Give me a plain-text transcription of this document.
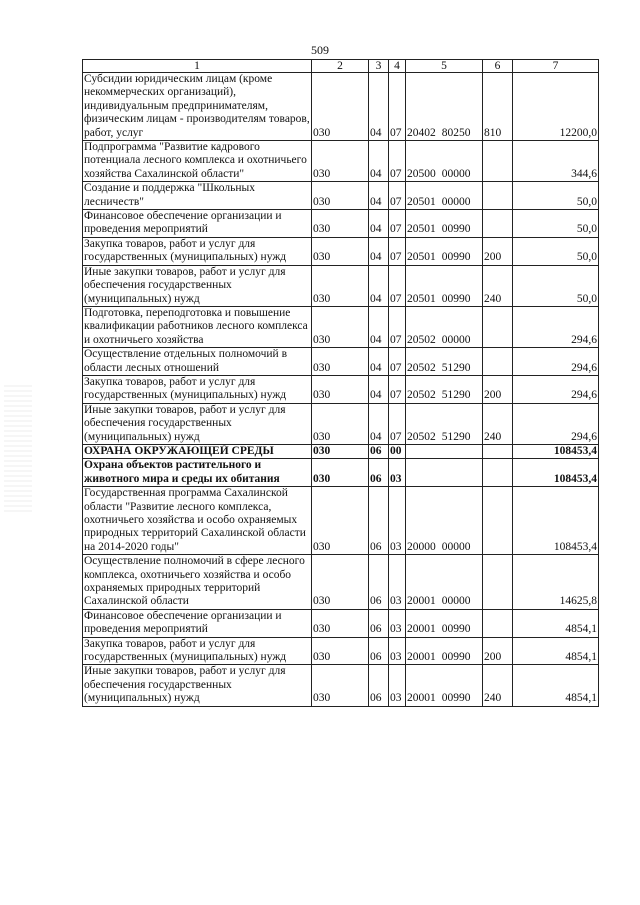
509
1	2	3	4	5	6	7
Субсидии юридическим лицам (кроме некоммерческих организаций), индивидуальным предпринимателям, физическим лицам - производителям товаров, работ, услуг	030	04	07	20402 80250	810	12200,0
Подпрограмма "Развитие кадрового потенциала лесного комплекса и охотничьего хозяйства Сахалинской области"	030	04	07	20500 00000		344,6
Создание и поддержка "Школьных лесничеств"	030	04	07	20501 00000		50,0
Финансовое обеспечение организации и проведения мероприятий	030	04	07	20501 00990		50,0
Закупка товаров, работ и услуг для государственных (муниципальных) нужд	030	04	07	20501 00990	200	50,0
Иные закупки товаров, работ и услуг для обеспечения государственных (муниципальных) нужд	030	04	07	20501 00990	240	50,0
Подготовка, переподготовка и повышение квалификации работников лесного комплекса и охотничьего хозяйства	030	04	07	20502 00000		294,6
Осуществление отдельных полномочий в области лесных отношений	030	04	07	20502 51290		294,6
Закупка товаров, работ и услуг для государственных (муниципальных) нужд	030	04	07	20502 51290	200	294,6
Иные закупки товаров, работ и услуг для обеспечения государственных (муниципальных) нужд	030	04	07	20502 51290	240	294,6
ОХРАНА ОКРУЖАЮЩЕЙ СРЕДЫ	030	06	00			108453,4
Охрана объектов растительного и животного мира и среды их обитания	030	06	03			108453,4
Государственная программа Сахалинской области "Развитие лесного комплекса, охотничьего хозяйства и особо охраняемых природных территорий Сахалинской области на 2014-2020 годы"	030	06	03	20000 00000		108453,4
Осуществление полномочий в сфере лесного комплекса, охотничьего хозяйства и особо охраняемых природных территорий Сахалинской области	030	06	03	20001 00000		14625,8
Финансовое обеспечение организации и проведения мероприятий	030	06	03	20001 00990		4854,1
Закупка товаров, работ и услуг для государственных (муниципальных) нужд	030	06	03	20001 00990	200	4854,1
Иные закупки товаров, работ и услуг для обеспечения государственных (муниципальных) нужд	030	06	03	20001 00990	240	4854,1
